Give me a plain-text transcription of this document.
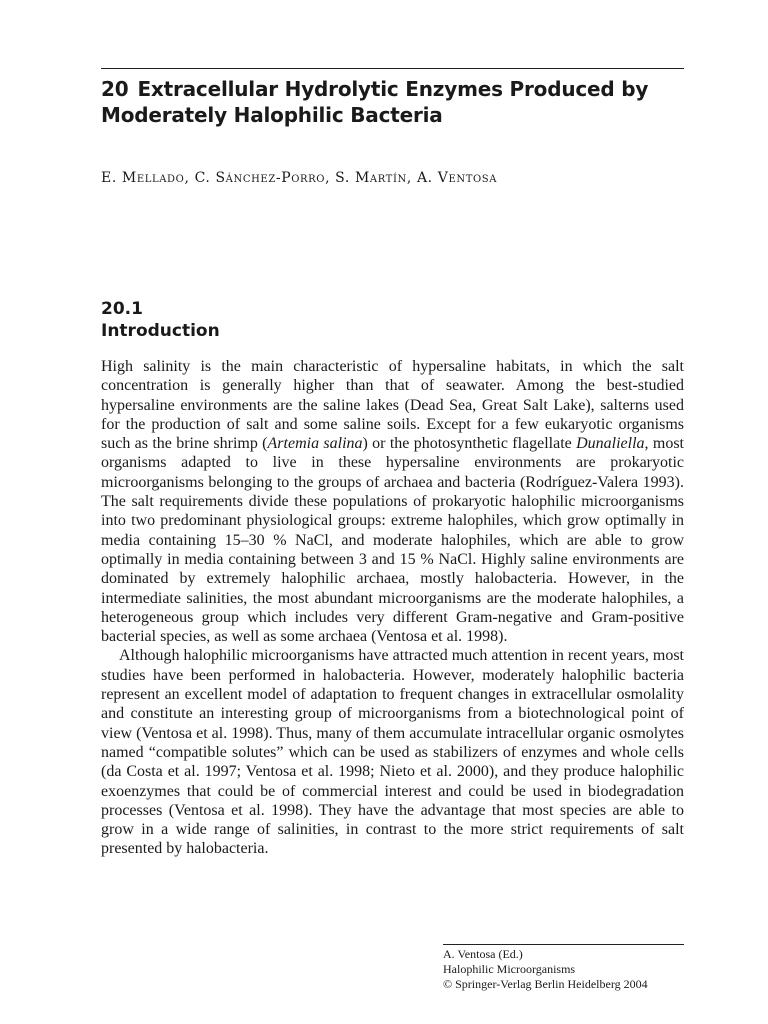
20 Extracellular Hydrolytic Enzymes Produced by Moderately Halophilic Bacteria
E. Mellado, C. Sánchez-Porro, S. Martín, A. Ventosa
20.1
Introduction

High salinity is the main characteristic of hypersaline habitats, in which the salt concentration is generally higher than that of seawater. Among the best-studied hypersaline environments are the saline lakes (Dead Sea, Great Salt Lake), salterns used for the production of salt and some saline soils. Except for a few eukaryotic organisms such as the brine shrimp (Artemia salina) or the photosynthetic flagellate Dunaliella, most organisms adapted to live in these hypersaline environments are prokaryotic microorganisms belonging to the groups of archaea and bacteria (Rodríguez-Valera 1993). The salt requirements divide these populations of prokaryotic halophilic microorganisms into two predominant physiological groups: extreme halophiles, which grow optimally in media containing 15–30 % NaCl, and moderate halophiles, which are able to grow optimally in media containing between 3 and 15 % NaCl. Highly saline environments are dominated by extremely halophilic archaea, mostly halobacteria. However, in the intermediate salinities, the most abundant microorganisms are the moderate halophiles, a heterogeneous group which includes very different Gram-negative and Gram-positive bacterial species, as well as some archaea (Ventosa et al. 1998).

Although halophilic microorganisms have attracted much attention in recent years, most studies have been performed in halobacteria. However, moderately halophilic bacteria represent an excellent model of adaptation to frequent changes in extracellular osmolality and constitute an interesting group of microorganisms from a biotechnological point of view (Ventosa et al. 1998). Thus, many of them accumulate intracellular organic osmolytes named “compatible solutes” which can be used as stabilizers of enzymes and whole cells (da Costa et al. 1997; Ventosa et al. 1998; Nieto et al. 2000), and they produce halophilic exoenzymes that could be of commercial interest and could be used in biodegradation processes (Ventosa et al. 1998). They have the advantage that most species are able to grow in a wide range of salinities, in contrast to the more strict requirements of salt presented by halobacteria.

A. Ventosa (Ed.)
Halophilic Microorganisms
© Springer-Verlag Berlin Heidelberg 2004
